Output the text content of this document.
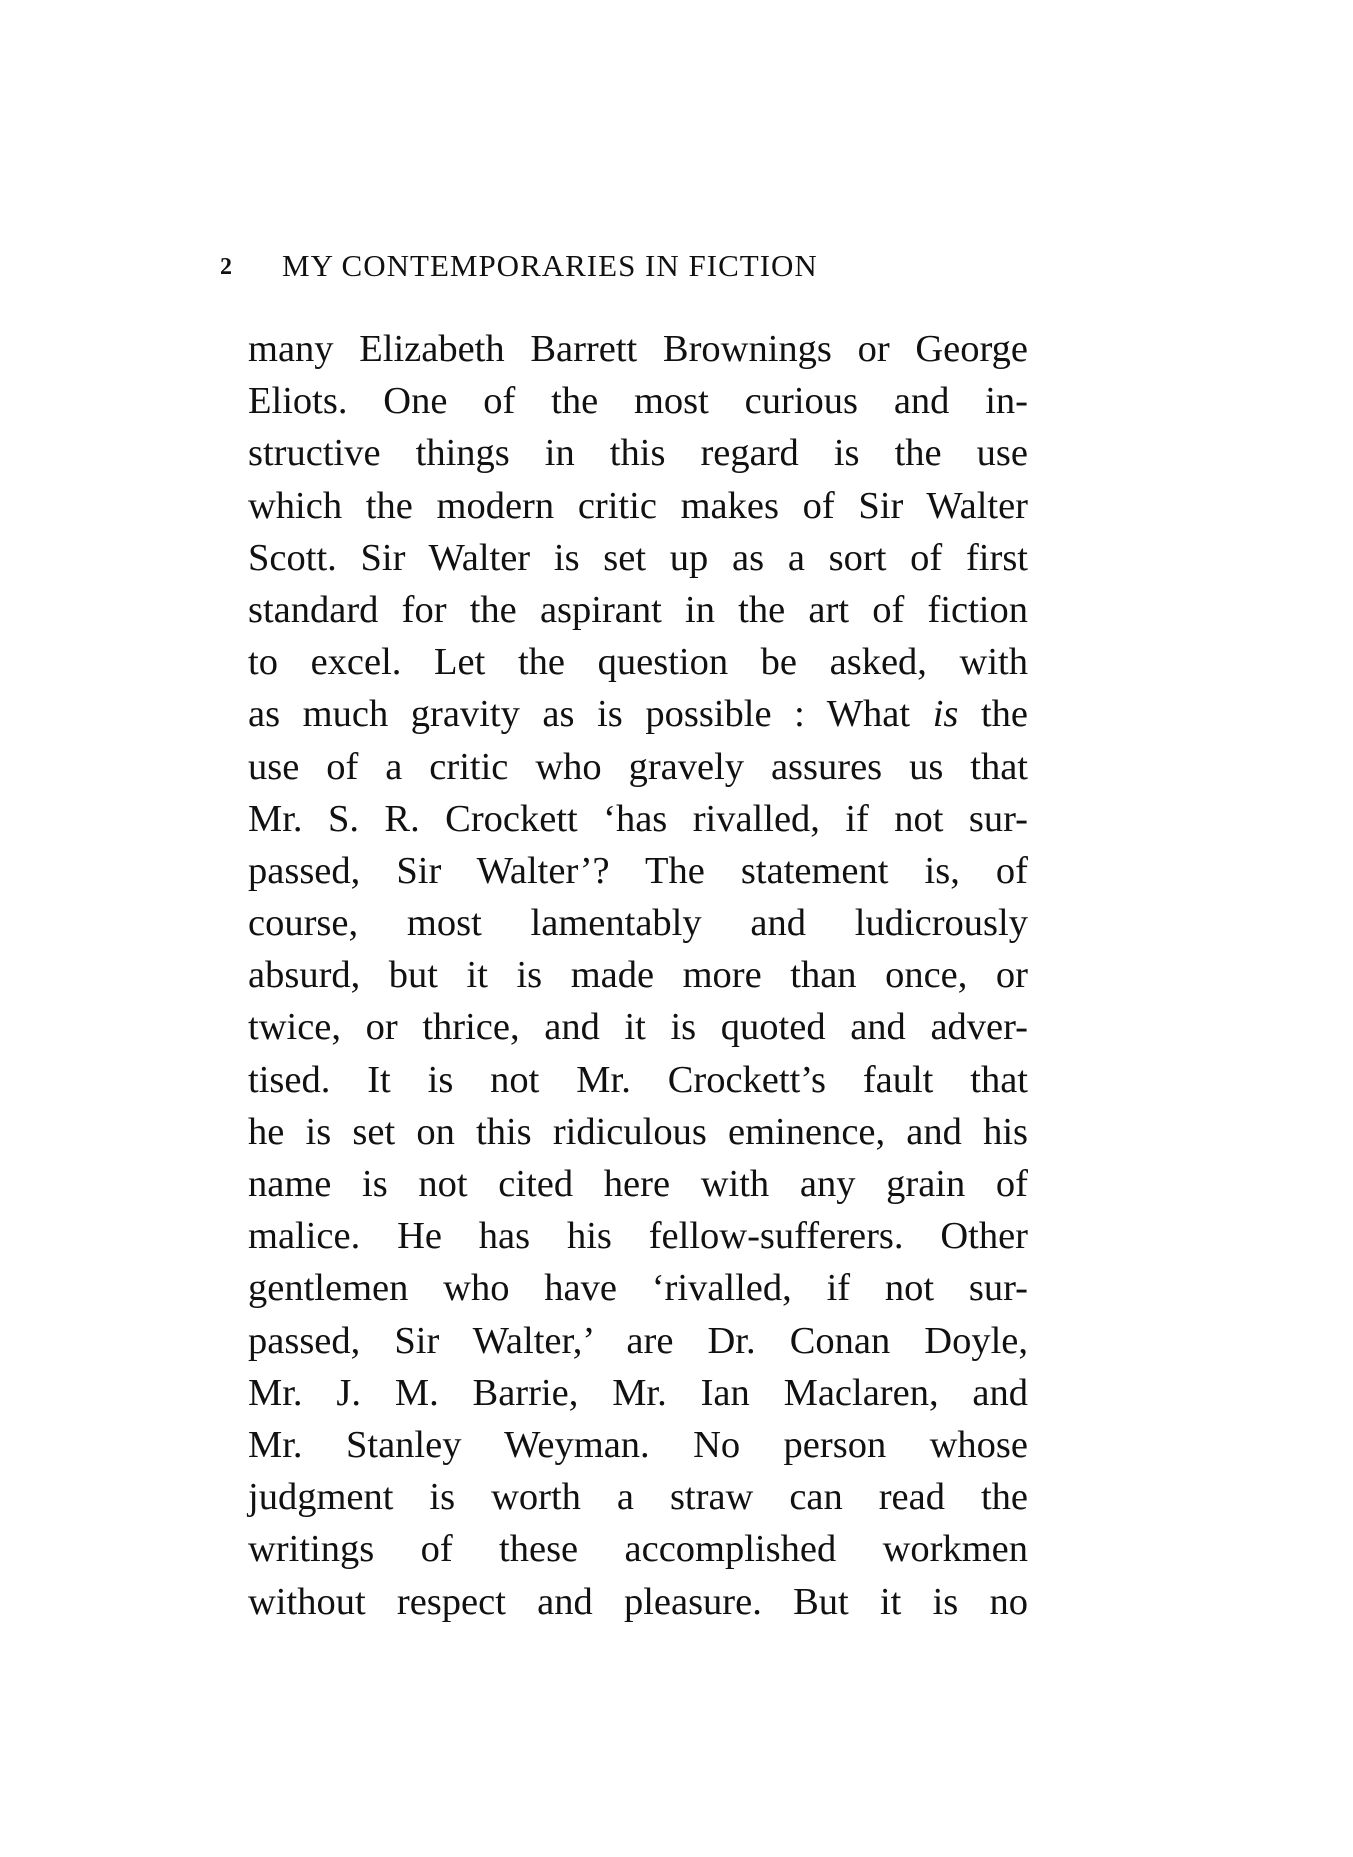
2 MY CONTEMPORARIES IN FICTION
many Elizabeth Barrett Brownings or George
Eliots. One of the most curious and in-
structive things in this regard is the use
which the modern critic makes of Sir Walter
Scott. Sir Walter is set up as a sort of first
standard for the aspirant in the art of fiction
to excel. Let the question be asked, with
as much gravity as is possible : What is the
use of a critic who gravely assures us that
Mr. S. R. Crockett ‘has rivalled, if not sur-
passed, Sir Walter’? The statement is, of
course, most lamentably and ludicrously
absurd, but it is made more than once, or
twice, or thrice, and it is quoted and adver-
tised. It is not Mr. Crockett’s fault that
he is set on this ridiculous eminence, and his
name is not cited here with any grain of
malice. He has his fellow-sufferers. Other
gentlemen who have ‘rivalled, if not sur-
passed, Sir Walter,’ are Dr. Conan Doyle,
Mr. J. M. Barrie, Mr. Ian Maclaren, and
Mr. Stanley Weyman. No person whose
judgment is worth a straw can read the
writings of these accomplished workmen
without respect and pleasure. But it is no
